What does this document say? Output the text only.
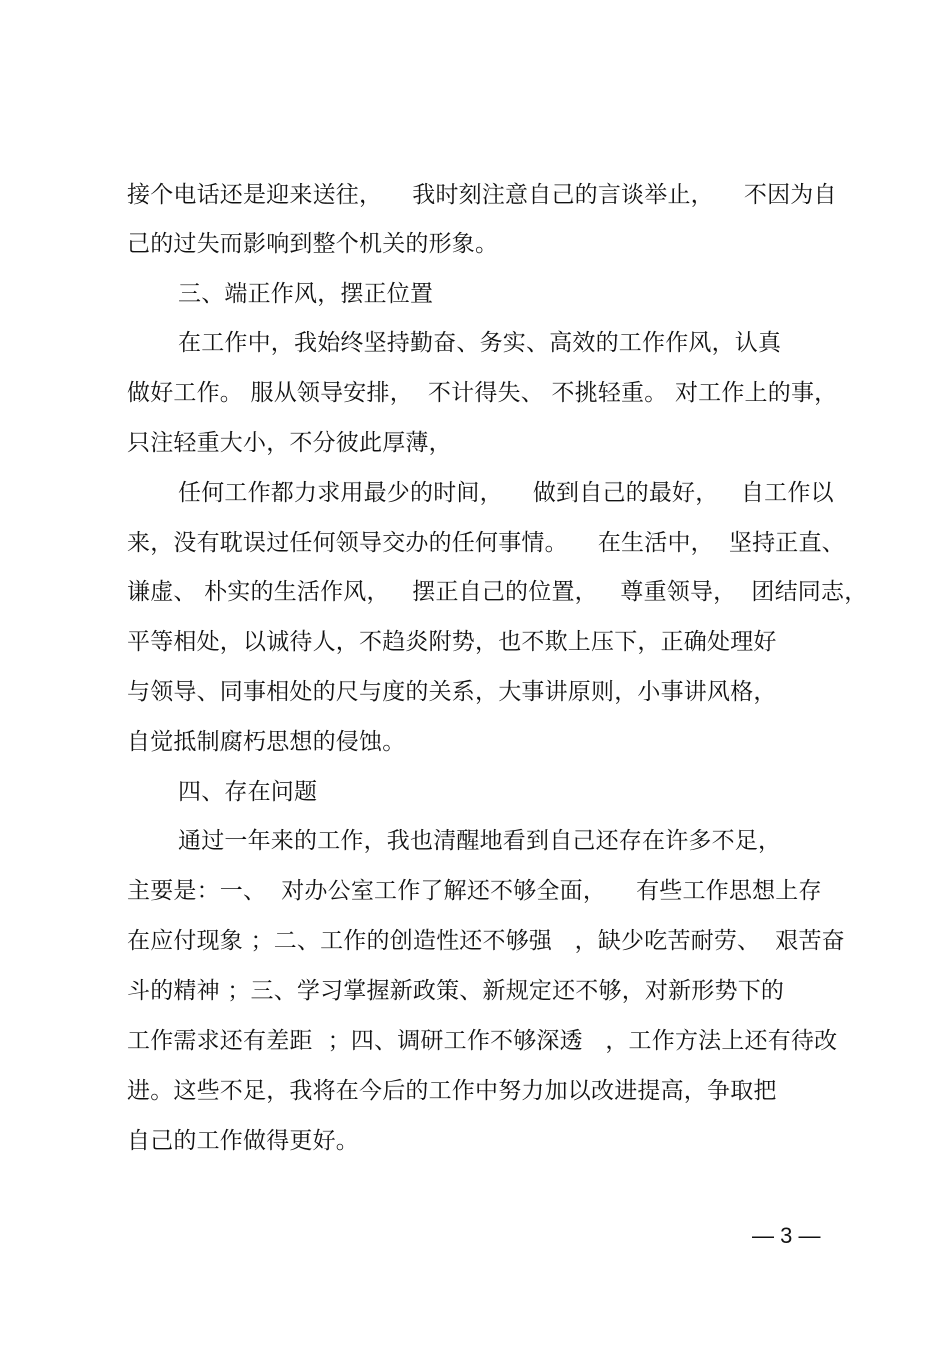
接个电话还是迎来送往，    我时刻注意自己的言谈举止，    不因为自
己的过失而影响到整个机关的形象。
三、端正作风，摆正位置
在工作中，我始终坚持勤奋、务实、高效的工作作风，认真
做好工作。 服从领导安排，  不计得失、 不挑轻重。 对工作上的事，
只注轻重大小，不分彼此厚薄，
任何工作都力求用最少的时间，    做到自己的最好，   自工作以
来，没有耽误过任何领导交办的任何事情。    在生活中，  坚持正直、
谦虚、 朴实的生活作风，   摆正自己的位置，   尊重领导，  团结同志，
平等相处，以诚待人，不趋炎附势，也不欺上压下，正确处理好
与领导、同事相处的尺与度的关系，大事讲原则，小事讲风格，
自觉抵制腐朽思想的侵蚀。
四、存在问题
通过一年来的工作，我也清醒地看到自己还存在许多不足，
主要是：一、  对办公室工作了解还不够全面，    有些工作思想上存
在应付现象 ；二、工作的创造性还不够强   ，缺少吃苦耐劳、  艰苦奋
斗的精神 ；三、学习掌握新政策、新规定还不够，对新形势下的
工作需求还有差距  ；四、调研工作不够深透   ，工作方法上还有待改
进。这些不足，我将在今后的工作中努力加以改进提高，争取把
自己的工作做得更好。
— 3 —
